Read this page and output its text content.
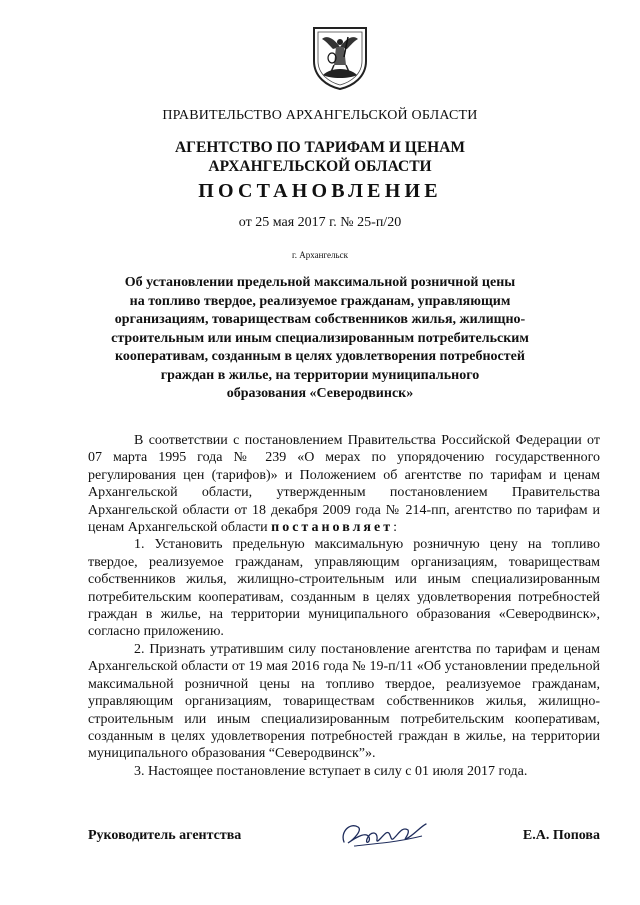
ПРАВИТЕЛЬСТВО АРХАНГЕЛЬСКОЙ ОБЛАСТИ
АГЕНТСТВО ПО ТАРИФАМ И ЦЕНАМ
АРХАНГЕЛЬСКОЙ ОБЛАСТИ
ПОСТАНОВЛЕНИЕ
от 25 мая 2017 г. № 25-п/20
г. Архангельск
Об установлении предельной максимальной розничной цены
на топливо твердое, реализуемое гражданам, управляющим
организациям, товариществам собственников жилья, жилищно-
строительным или иным специализированным потребительским
кооперативам, созданным в целях удовлетворения потребностей
граждан в жилье, на территории муниципального
образования «Северодвинск»

В соответствии с постановлением Правительства Российской Федерации от 07 марта 1995 года № 239 «О мерах по упорядочению государственного регулирования цен (тарифов)» и Положением об агентстве по тарифам и ценам Архангельской области, утвержденным постановлением Правительства Архангельской области от 18 декабря 2009 года № 214-пп, агентство по тарифам и ценам Архангельской области постановляет:

1. Установить предельную максимальную розничную цену на топливо твердое, реализуемое гражданам, управляющим организациям, товариществам собственников жилья, жилищно-строительным или иным специализированным потребительским кооперативам, созданным в целях удовлетворения потребностей граждан в жилье, на территории муниципального образования «Северодвинск», согласно приложению.

2. Признать утратившим силу постановление агентства по тарифам и ценам Архангельской области от 19 мая 2016 года № 19-п/11 «Об установлении предельной максимальной розничной цены на топливо твердое, реализуемое гражданам, управляющим организациям, товариществам собственников жилья, жилищно-строительным или иным специализированным потребительским кооперативам, созданным в целях удовлетворения потребностей граждан в жилье, на территории муниципального образования “Северодвинск”».

3. Настоящее постановление вступает в силу с 01 июля 2017 года.

Руководитель агентства	Е.А. Попова
